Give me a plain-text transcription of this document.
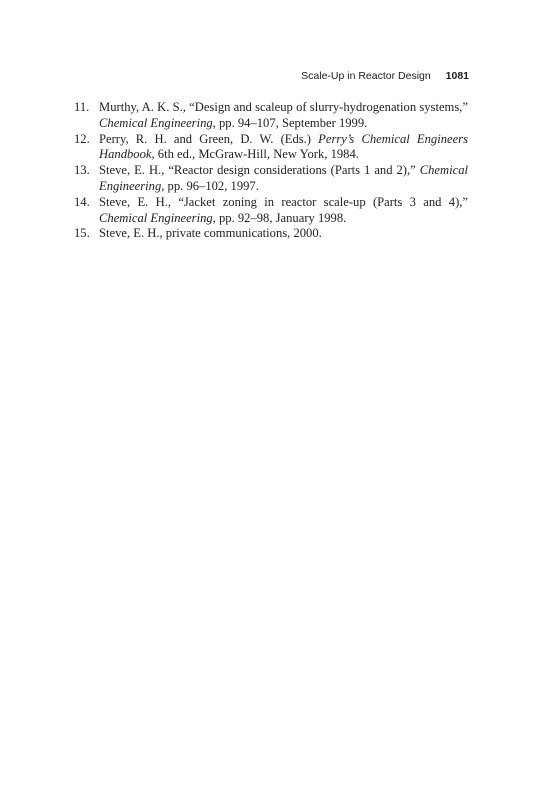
Scale-Up in Reactor Design 1081
11. Murthy, A. K. S., “Design and scaleup of slurry-hydrogenation systems,” Chemical Engineering, pp. 94–107, September 1999.
12. Perry, R. H. and Green, D. W. (Eds.) Perry’s Chemical Engineers Handbook, 6th ed., McGraw-Hill, New York, 1984.
13. Steve, E. H., “Reactor design considerations (Parts 1 and 2),” Chemical Engineering, pp. 96–102, 1997.
14. Steve, E. H., “Jacket zoning in reactor scale-up (Parts 3 and 4),” Chemical Engineering, pp. 92–98, January 1998.
15. Steve, E. H., private communications, 2000.
